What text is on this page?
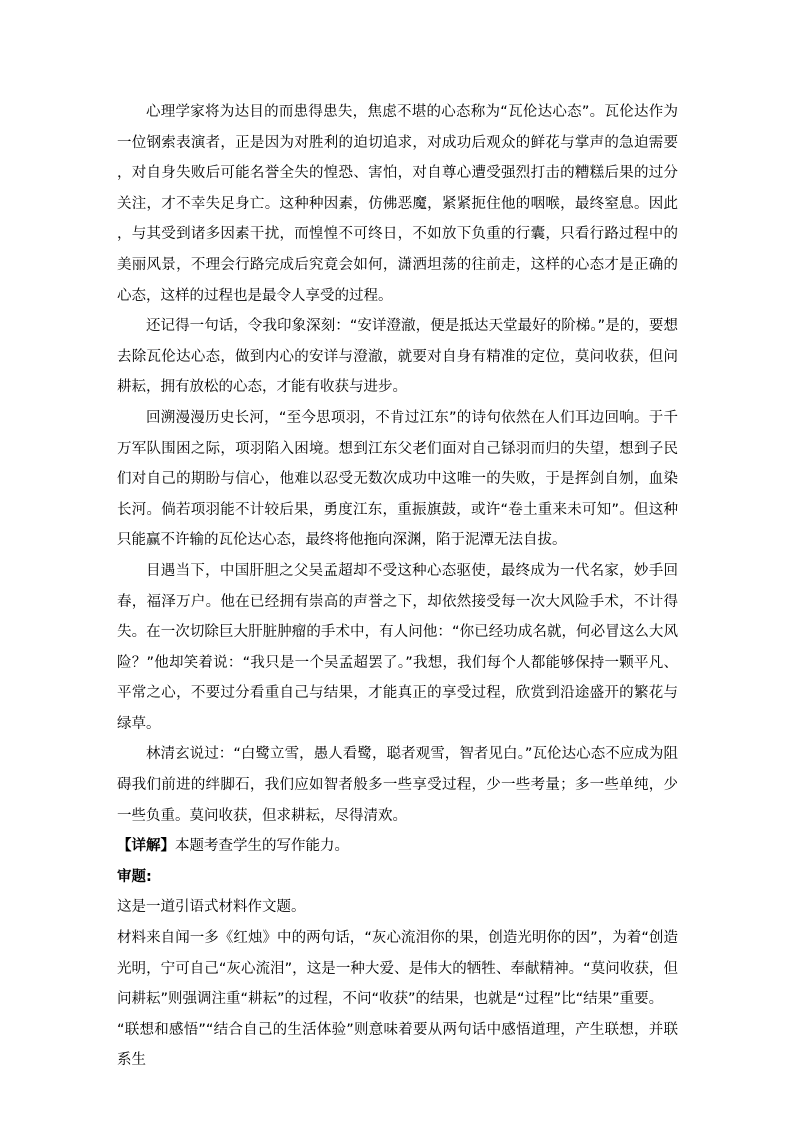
心理学家将为达目的而患得患失，焦虑不堪的心态称为“瓦伦达心态”。瓦伦达作为一位钢索表演者，正是因为对胜利的迫切追求，对成功后观众的鲜花与掌声的急迫需要，对自身失败后可能名誉全失的惶恐、害怕，对自尊心遭受强烈打击的糟糕后果的过分关注，才不幸失足身亡。这种种因素，仿佛恶魔，紧紧扼住他的咽喉，最终窒息。因此，与其受到诸多因素干扰，而惶惶不可终日，不如放下负重的行囊，只看行路过程中的美丽风景，不理会行路完成后究竟会如何，潇洒坦荡的往前走，这样的心态才是正确的心态，这样的过程也是最令人享受的过程。

还记得一句话，令我印象深刻：“安详澄澈，便是抵达天堂最好的阶梯。”是的，要想去除瓦伦达心态，做到内心的安详与澄澈，就要对自身有精准的定位，莫问收获，但问耕耘，拥有放松的心态，才能有收获与进步。

回溯漫漫历史长河，“至今思项羽，不肯过江东”的诗句依然在人们耳边回响。于千万军队围困之际，项羽陷入困境。想到江东父老们面对自己铩羽而归的失望，想到子民们对自己的期盼与信心，他难以忍受无数次成功中这唯一的失败，于是挥剑自刎，血染长河。倘若项羽能不计较后果，勇度江东，重振旗鼓，或许“卷土重来未可知”。但这种只能赢不许输的瓦伦达心态，最终将他拖向深渊，陷于泥潭无法自拔。

目遇当下，中国肝胆之父吴孟超却不受这种心态驱使，最终成为一代名家，妙手回春，福泽万户。他在已经拥有崇高的声誉之下，却依然接受每一次大风险手术，不计得失。在一次切除巨大肝脏肿瘤的手术中，有人问他：“你已经功成名就，何必冒这么大风险？”他却笑着说：“我只是一个吴孟超罢了。”我想，我们每个人都能够保持一颗平凡、平常之心，不要过分看重自己与结果，才能真正的享受过程，欣赏到沿途盛开的繁花与绿草。

林清玄说过：“白鹭立雪，愚人看鹭，聪者观雪，智者见白。”瓦伦达心态不应成为阻碍我们前进的绊脚石，我们应如智者般多一些享受过程，少一些考量；多一些单纯，少一些负重。莫问收获，但求耕耘，尽得清欢。

【详解】本题考查学生的写作能力。

审题:

这是一道引语式材料作文题。

材料来自闻一多《红烛》中的两句话，“灰心流泪你的果，创造光明你的因”，为着“创造光明，宁可自己“灰心流泪”，这是一种大爱、是伟大的牺牲、奉献精神。“莫问收获，但问耕耘”则强调注重“耕耘”的过程，不问“收获”的结果，也就是“过程”比“结果”重要。

“联想和感悟”“结合自己的生活体验”则意味着要从两句话中感悟道理，产生联想，并联系生
